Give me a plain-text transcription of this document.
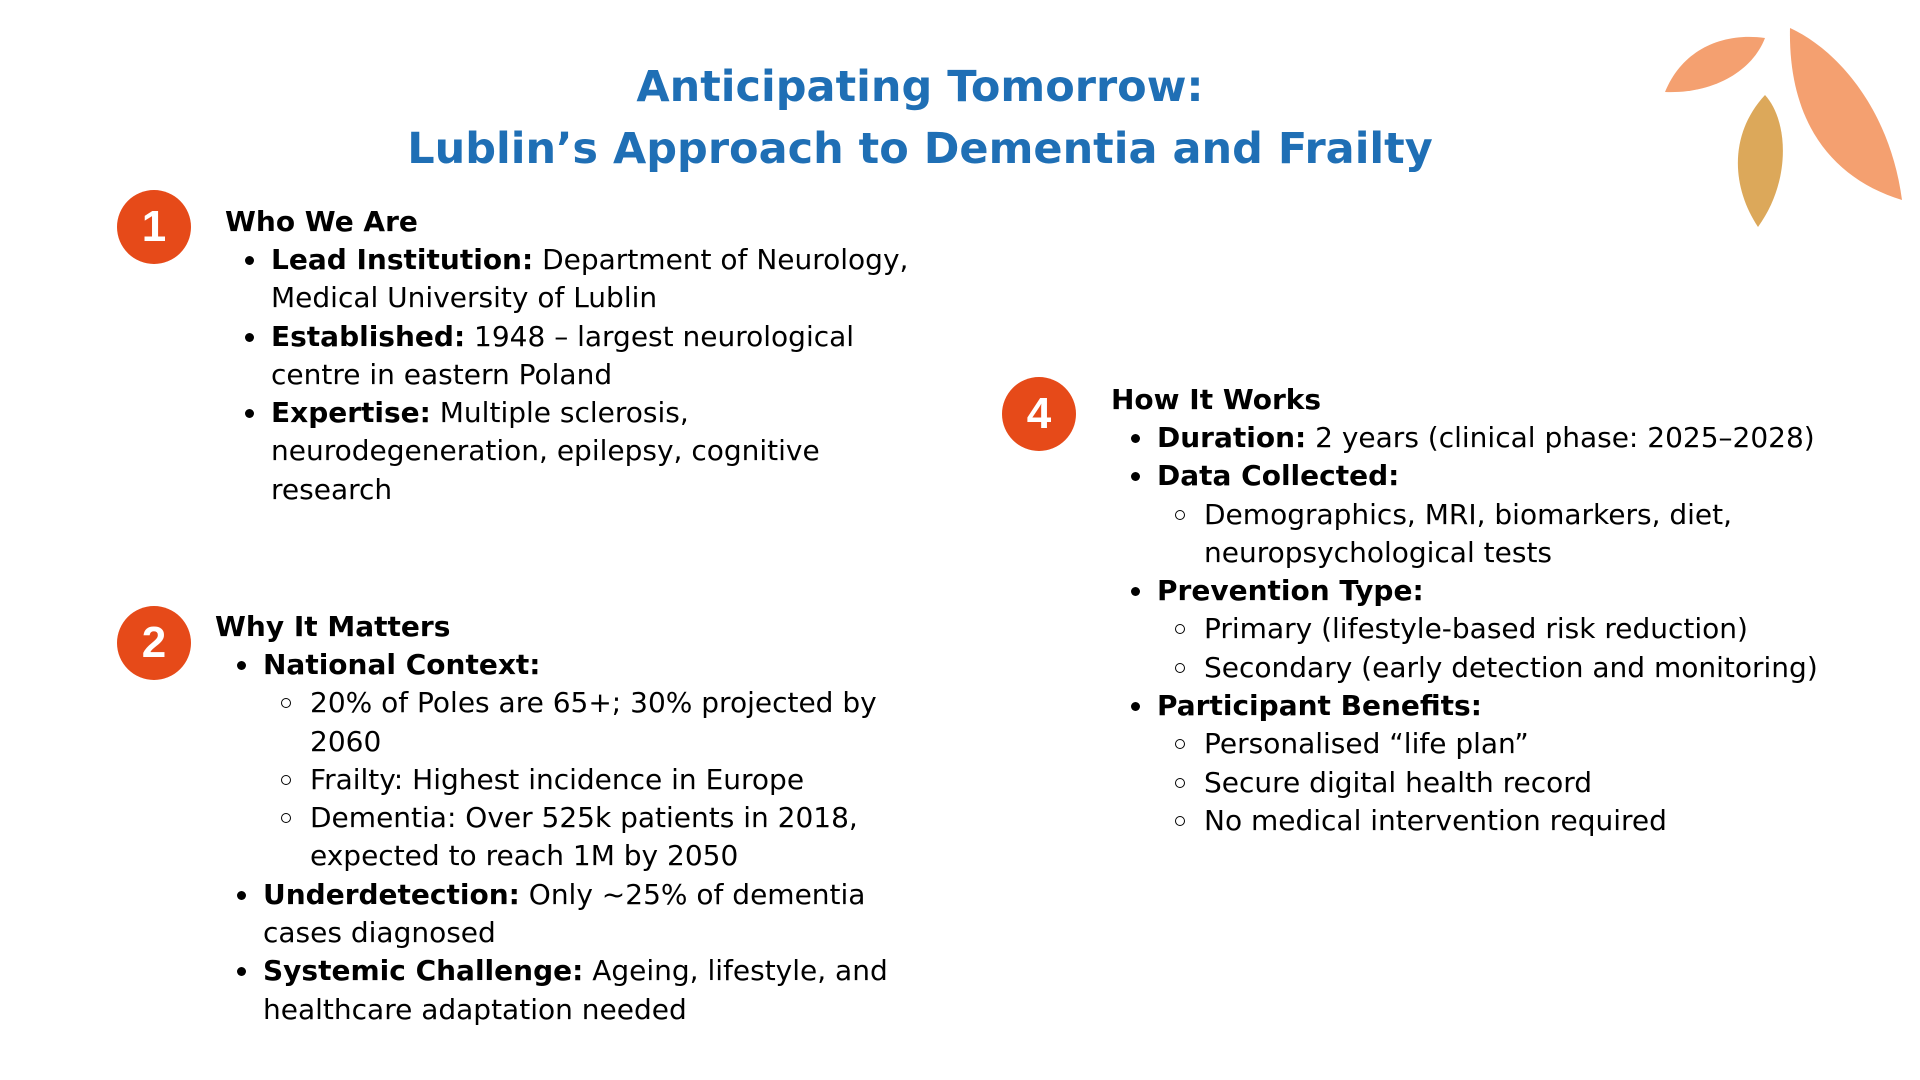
Anticipating Tomorrow:
Lublin’s Approach to Dementia and Frailty
1	Who We Are
Lead Institution: Department of Neurology, Medical University of Lublin
Established: 1948 – largest neurological centre in eastern Poland
Expertise: Multiple sclerosis, neurodegeneration, epilepsy, cognitive research
2	Why It Matters
National Context:
20% of Poles are 65+; 30% projected by 2060
Frailty: Highest incidence in Europe
Dementia: Over 525k patients in 2018, expected to reach 1M by 2050
Underdetection: Only ~25% of dementia cases diagnosed
Systemic Challenge: Ageing, lifestyle, and healthcare adaptation needed
4	How It Works
Duration: 2 years (clinical phase: 2025–2028)
Data Collected:
Demographics, MRI, biomarkers, diet, neuropsychological tests
Prevention Type:
Primary (lifestyle-based risk reduction)
Secondary (early detection and monitoring)
Participant Benefits:
Personalised “life plan”
Secure digital health record
No medical intervention required
